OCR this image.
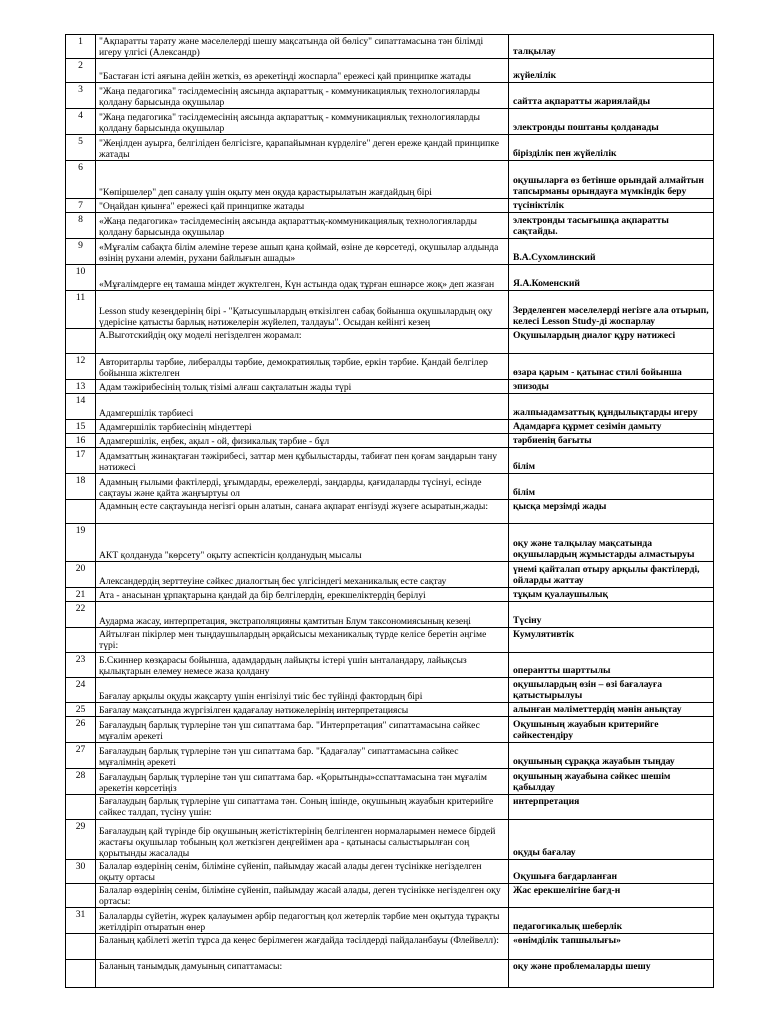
1	"Ақпаратты тарату және мәселелерді шешу мақсатында ой бөлісу" сипаттамасына тән білімді игеру үлгісі (Александр)	талқылау
2	"Бастаған істі аяғына дейін жеткіз, өз әрекетіңді жоспарла" ережесі қай принципке жатады	жүйелілік
3	"Жаңа педагогика" тәсілдемесінің аясында ақпараттық - коммуникациялық технологияларды қолдану барысында оқушылар	сайтта ақпаратты жариялайды
4	"Жаңа педагогика" тәсілдемесінің аясында ақпараттық - коммуникациялық технологияларды қолдану барысында оқушылар	электронды поштаны қолданады
5	"Жеңілден ауырға, белгіліден белгісізге, қарапайымнан күрделіге" деген ереже қандай принципке жатады	бірізділік пен жүйелілік
6	"Көпіршелер" деп саналу үшін оқыту мен оқуда қарастырылатын жағдайдың бірі	оқушыларға өз бетінше орындай алмайтын тапсырманы орындауға мүмкіндік беру
7	"Оңайдан қиынға" ережесі қай принципке жатады	түсініктілік
8	«Жаңа педагогика» тәсілдемесінің аясында ақпараттық-коммуникациялық технологияларды қолдану барысында оқушылар	электронды тасығышқа ақпаратты сақтайды.
9	«Мұғалім сабақта білім әлеміне терезе ашып қана қоймай, өзіне де көрсетеді, оқушылар алдында өзінің рухани әлемін, рухани байлығын ашады»	В.А.Сухомлинский
10	«Мұғалімдерге ең тамаша міндет жүктелген, Күн астында одақ тұрған ешнәрсе жоқ» деп жазған	Я.А.Коменский
11	Lesson study кезеңдерінің бірі - "Қатысушылардың өткізілген сабақ бойынша оқушылардың оқу үдерісіне қатысты барлық нәтижелерін жүйелеп, талдауы". Осыдан кейінгі кезең	Зерделенген мәселелерді негізге ала отырып, келесі Lesson Study-ді жоспарлау
	А.Выготскийдің оқу моделі негізделген жорамал:	Оқушылардың диалог құру нәтижесі
12	Авторитарлы тәрбие, либералды тәрбие, демократиялық тәрбие, еркін тәрбие. Қандай белгілер бойынша жіктелген	өзара қарым - қатынас стилі бойынша
13	Адам тәжірибесінің толық тізімі алғаш сақталатын жады түрі	эпизоды
14	Адамгершілік тәрбиесі	жалпыадамзаттық құндылықтарды игеру
15	Адамгершілік тәрбиесінің міндеттері	Адамдарға құрмет сезімін дамыту
16	Адамгершілік, еңбек, ақыл - ой, физикалық тәрбие - бұл	тәрбиенің бағыты
17	Адамзаттың жинақтаған тәжірибесі, заттар мен құбылыстарды, табиғат пен қоғам заңдарын тану нәтижесі	білім
18	Адамның ғылыми фактілерді, ұғымдарды, ережелерді, заңдарды, қағидаларды түсінуі, есінде сақтауы және қайта жаңғыртуы ол	білім
	Адамның есте сақтауында негізгі орын алатын, санаға ақпарат енгізуді жүзеге асыратын,жады:	қысқа мерзімді жады
19	АКТ қолданудa "көрсету" оқыту аспектісін қолданудың мысалы	оқу және талқылау мақсатында оқушылардың жұмыстарды алмастыруы
20	Александердің зерттеуіне сәйкес диалогтың бес үлгісіндегі механикалық есте сақтау	үнемі қайталап отыру арқылы фактілерді, ойларды жаттау
21	Ата - анасынан ұрпақтарына қандай да бір белгілердің, ерекшеліктердің берілуі	тұқым қуалаушылық
22	Аудармa жасау, интерпретация, экстраполяцияны қамтитын Блум таксономиясының кезеңі	Түсіну
	Айтылған пікірлер мен тыңдаушылардың әрқайсысы механикалық түрде келісе беретін әңгіме түрі:	Кумулятивтік
23	Б.Скиннер көзқарасы бойынша, адамдардың лайықты істері үшін ынталандару, лайықсыз қылықтарын елемеу немесе жаза қолдану	оперантты шарттылы
24	Бағалау арқылы оқуды жақсарту үшін енгізілуі тиіс бес түйінді фактордың бірі	оқушылардың өзін – өзі бағалауға қатыстырылуы
25	Бағалау мақсатында жүргізілген қадағалау нәтижелерінің интерпретациясы	алынған мәліметтердің мәнін анықтау
26	Бағалаудың барлық түрлеріне тән үш сипаттама бар. "Интерпретация" сипаттамасына сәйкес мұғалім әрекеті	Оқушының жауабын критерийге сәйкестендіру
27	Бағалаудың барлық түрлеріне тән үш сипаттама бар. "Қадағалау" сипаттамасына сәйкес мұғалімнің әрекеті	оқушының сұраққа жауабын тыңдау
28	Бағалаудың барлық түрлеріне тән үш сипаттама бар. «Қорытынды»сспаттамасына тән мұғалім әрекетін көрсетіңіз	оқушының жауабына сәйкес шешім қабылдау
	Бағалаудың барлық түрлеріне үш сипаттама тән. Соның ішінде, оқушының жауабын критерийге сәйкес талдап, түсіну үшін:	интерпретация
29	Бағалаудың қай түрінде бір оқушының жетістіктерінің белгіленген нормаларымен немесе бірдей жастағы оқушылар тобының қол жеткізген деңгейімен ара - қатынасы салыстырылған соң қорытынды жасалады	оқуды бағалау
30	Балалар өздерінің сенім, біліміне сүйеніп, пайымдау жасай алады деген түсінікке негізделген оқыту ортасы	Оқушыға бағдарланған
	Балалар өздерінің сенім, біліміне сүйеніп, пайымдау жасай алады, деген түсінікке негізделген оқу ортасы:	Жас ерекшелігіне бағд-н
31	Балаларды сүйетін, жүрек қалауымен әрбір педагогтың қол жетерлік тәрбие мен оқытуда тұрақты жетілдіріп отыратын өнер	педагогикалық шеберлік
	Баланың қабілеті жетіп тұрса да кеңес берілмеген жағдайда тәсілдерді пайдаланбауы (Флейвелл):	«өнімділік тапшылығы»
	Баланың танымдық дамуының сипаттамасы:	оқу және проблемаларды шешу
